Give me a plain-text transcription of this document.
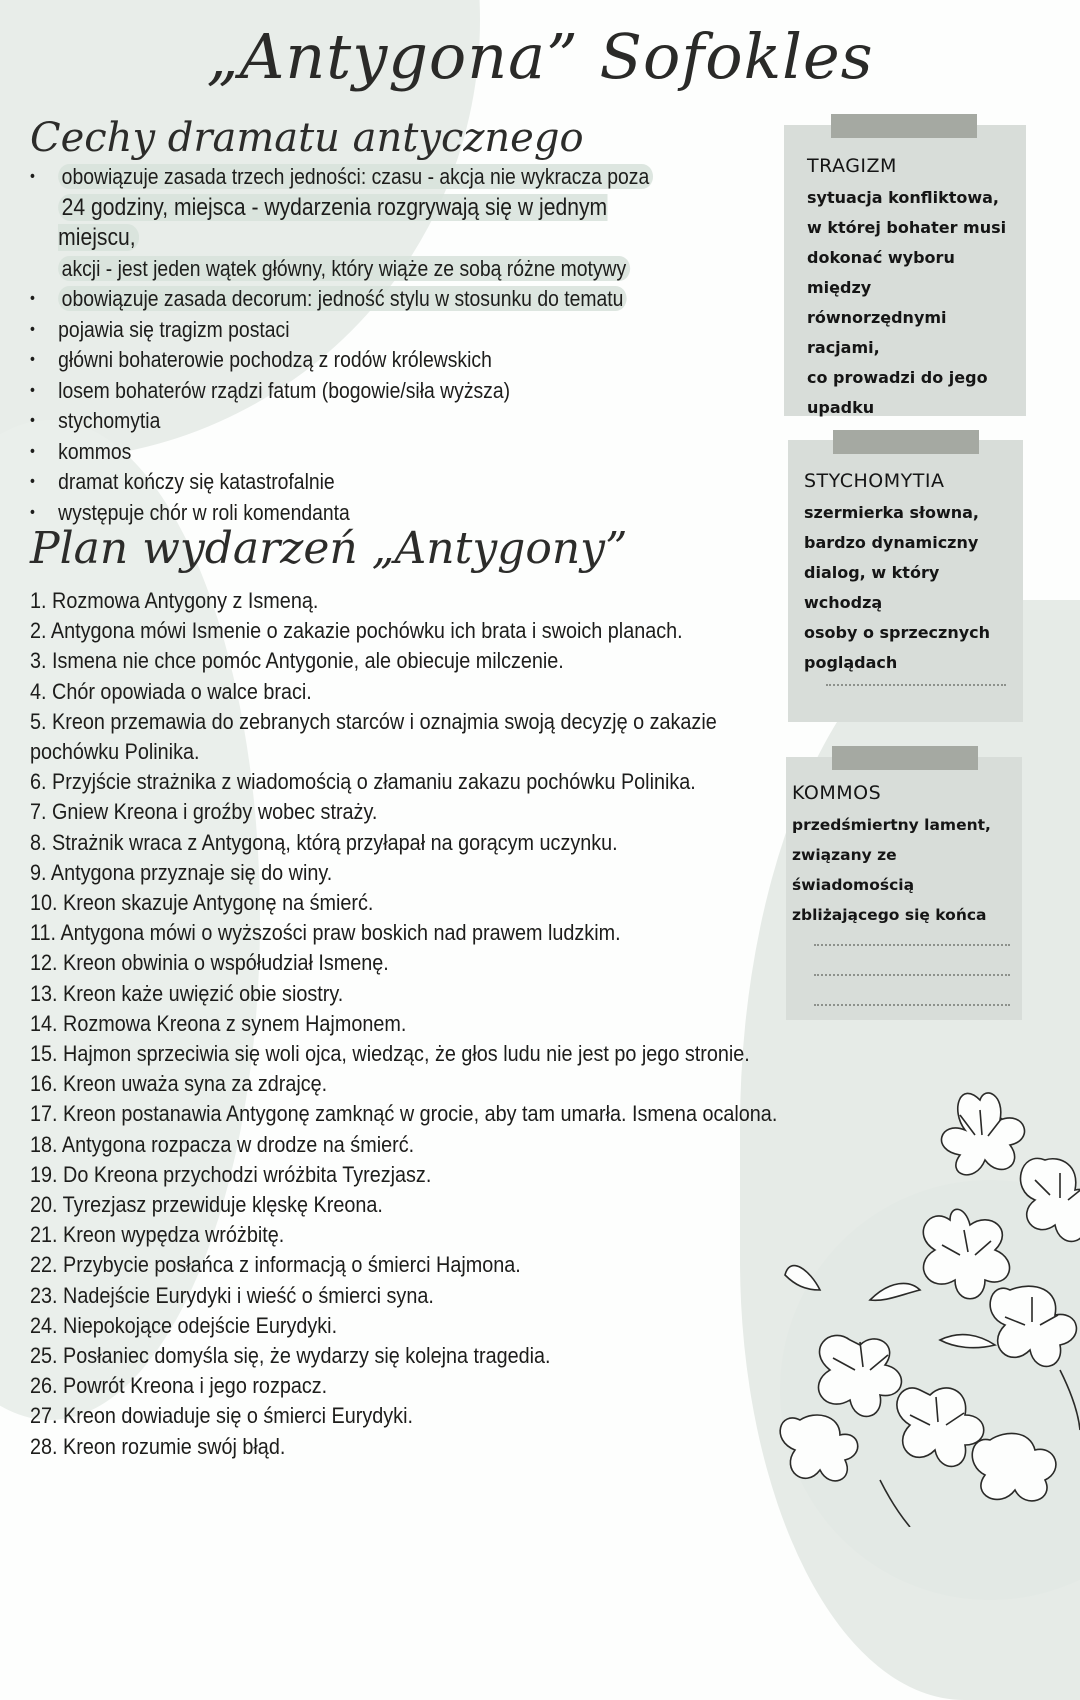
„Antygona” Sofokles
Cechy dramatu antycznego
• obowiązuje zasada trzech jedności: czasu - akcja nie wykracza poza
24 godziny, miejsca - wydarzenia rozgrywają się w jednym miejscu,
akcji - jest jeden wątek główny, który wiąże ze sobą różne motywy
• obowiązuje zasada decorum: jedność stylu w stosunku do tematu
• pojawia się tragizm postaci
• główni bohaterowie pochodzą z rodów królewskich
• losem bohaterów rządzi fatum (bogowie/siła wyższa)
• stychomytia
• kommos
• dramat kończy się katastrofalnie
• występuje chór w roli komendanta
Plan wydarzeń „Antygony”
1. Rozmowa Antygony z Ismeną.
2. Antygona mówi Ismenie o zakazie pochówku ich brata i swoich planach.
3. Ismena nie chce pomóc Antygonie, ale obiecuje milczenie.
4. Chór opowiada o walce braci.
5. Kreon przemawia do zebranych starców i oznajmia swoją decyzję o zakazie
pochówku Polinika.
6. Przyjście strażnika z wiadomością o złamaniu zakazu pochówku Polinika.
7. Gniew Kreona i groźby wobec straży.
8. Strażnik wraca z Antygoną, którą przyłapał na gorącym uczynku.
9. Antygona przyznaje się do winy.
10. Kreon skazuje Antygonę na śmierć.
11. Antygona mówi o wyższości praw boskich nad prawem ludzkim.
12. Kreon obwinia o współudział Ismenę.
13. Kreon każe uwięzić obie siostry.
14. Rozmowa Kreona z synem Hajmonem.
15. Hajmon sprzeciwia się woli ojca, wiedząc, że głos ludu nie jest po jego stronie.
16. Kreon uważa syna za zdrajcę.
17. Kreon postanawia Antygonę zamknąć w grocie, aby tam umarła. Ismena ocalona.
18. Antygona rozpacza w drodze na śmierć.
19. Do Kreona przychodzi wróżbita Tyrezjasz.
20. Tyrezjasz przewiduje klęskę Kreona.
21. Kreon wypędza wróżbitę.
22. Przybycie posłańca z informacją o śmierci Hajmona.
23. Nadejście Eurydyki i wieść o śmierci syna.
24. Niepokojące odejście Eurydyki.
25. Posłaniec domyśla się, że wydarzy się kolejna tragedia.
26. Powrót Kreona i jego rozpacz.
27. Kreon dowiaduje się o śmierci Eurydyki.
28. Kreon rozumie swój błąd.
TRAGIZM
sytuacja konfliktowa,
w której bohater musi
dokonać wyboru między
równorzędnymi racjami,
co prowadzi do jego
upadku
STYCHOMYTIA
szermierka słowna,
bardzo dynamiczny
dialog, w który wchodzą
osoby o sprzecznych
poglądach
KOMMOS
przedśmiertny lament,
związany ze świadomością
zbliżającego się końca
